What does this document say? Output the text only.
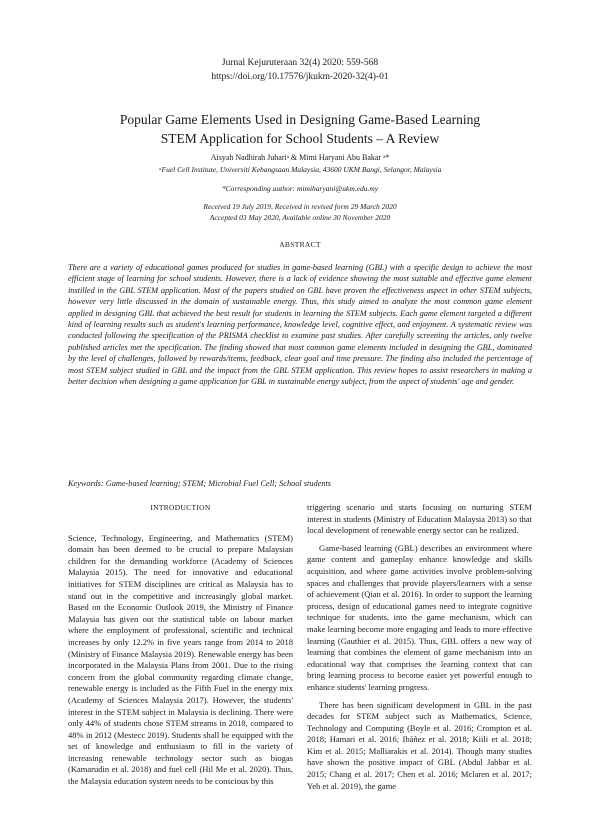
Jurnal Kejuruteraan 32(4) 2020: 559-568
https://doi.org/10.17576/jkukm-2020-32(4)-01
Popular Game Elements Used in Designing Game-Based Learning
STEM Application for School Students – A Review
Aisyah Nadhirah Juhariᵃ & Mimi Haryani Abu Bakar ᵃ*
ᵃFuel Cell Institute, Universiti Kebangsaan Malaysia, 43600 UKM Bangi, Selangor, Malaysia
*Corresponding author: mimiharyani@ukm.edu.my
Received 19 July 2019, Received in revised form 29 March 2020
Accepted 03 May 2020, Available online 30 November 2020
ABSTRACT
There are a variety of educational games produced for studies in game-based learning (GBL) with a specific design to achieve the most efficient stage of learning for school students. However, there is a lack of evidence showing the most suitable and effective game element instilled in the GBL STEM application. Most of the papers studied on GBL have proven the effectiveness aspect in other STEM subjects, however very little discussed in the domain of sustainable energy. Thus, this study aimed to analyze the most common game element applied in designing GBL that achieved the best result for students in learning the STEM subjects. Each game element targeted a different kind of learning results such as student's learning performance, knowledge level, cognitive effect, and enjoyment. A systematic review was conducted following the specification of the PRISMA checklist to examine past studies. After carefully screening the articles, only twelve published articles met the specification. The finding showed that most common game elements included in designing the GBL, dominated by the level of challenges, followed by rewards/items, feedback, clear goal and time pressure. The finding also included the percentage of most STEM subject studied in GBL and the impact from the GBL STEM application. This review hopes to assist researchers in making a better decision when designing a game application for GBL in sustainable energy subject, from the aspect of students' age and gender.
Keywords: Game-based learning; STEM; Microbial Fuel Cell; School students
INTRODUCTION

Science, Technology, Engineering, and Mathematics (STEM) domain has been deemed to be crucial to prepare Malaysian children for the demanding workforce (Academy of Sciences Malaysia 2015). The need for innovative and educational initiatives for STEM disciplines are critical as Malaysia has to stand out in the competitive and increasingly global market. Based on the Economic Outlook 2019, the Ministry of Finance Malaysia has given out the statistical table on labour market where the employment of professional, scientific and technical increases by only 12.2% in five years range from 2014 to 2018 (Ministry of Finance Malaysia 2019). Renewable energy has been incorporated in the Malaysia Plans from 2001. Due to the rising concern from the global community regarding climate change, renewable energy is included as the Fifth Fuel in the energy mix (Academy of Sciences Malaysia 2017). However, the students' interest in the STEM subject in Malaysia is declining. There were only 44% of students chose STEM streams in 2018, compared to 48% in 2012 (Mestecc 2019). Students shall be equipped with the set of knowledge and enthusiasm to fill in the variety of increasing renewable technology sector such as biogas (Kamarudin et al. 2018) and fuel cell (Hil Me et al. 2020). Thus, the Malaysia education system needs to be conscious by this

triggering scenario and starts focusing on nurturing STEM interest in students (Ministry of Education Malaysia 2013) so that local development of renewable energy sector can be realized.

Game-based learning (GBL) describes an environment where game content and gameplay enhance knowledge and skills acquisition, and where game activities involve problem-solving spaces and challenges that provide players/learners with a sense of achievement (Qian et al. 2016). In order to support the learning process, design of educational games need to integrate cognitive technique for students, into the game mechanism, which can make learning become more engaging and leads to more effective learning (Gauthier et al. 2015). Thus, GBL offers a new way of learning that combines the element of game mechanism into an educational way that comprises the learning context that can bring learning process to become easier yet powerful enough to enhance students' learning progress.

There has been significant development in GBL in the past decades for STEM subject such as Mathematics, Science, Technology and Computing (Boyle et al. 2016; Crompton et al. 2018; Hamari et al. 2016; Ibáñez et al. 2018; Kiili et al. 2018; Kim et al. 2015; Malliarakis et al. 2014). Though many studies have shown the positive impact of GBL (Abdul Jabbar et al. 2015; Chang et al. 2017; Chen et al. 2016; Mclaren et al. 2017; Yeh et al. 2019), the game
